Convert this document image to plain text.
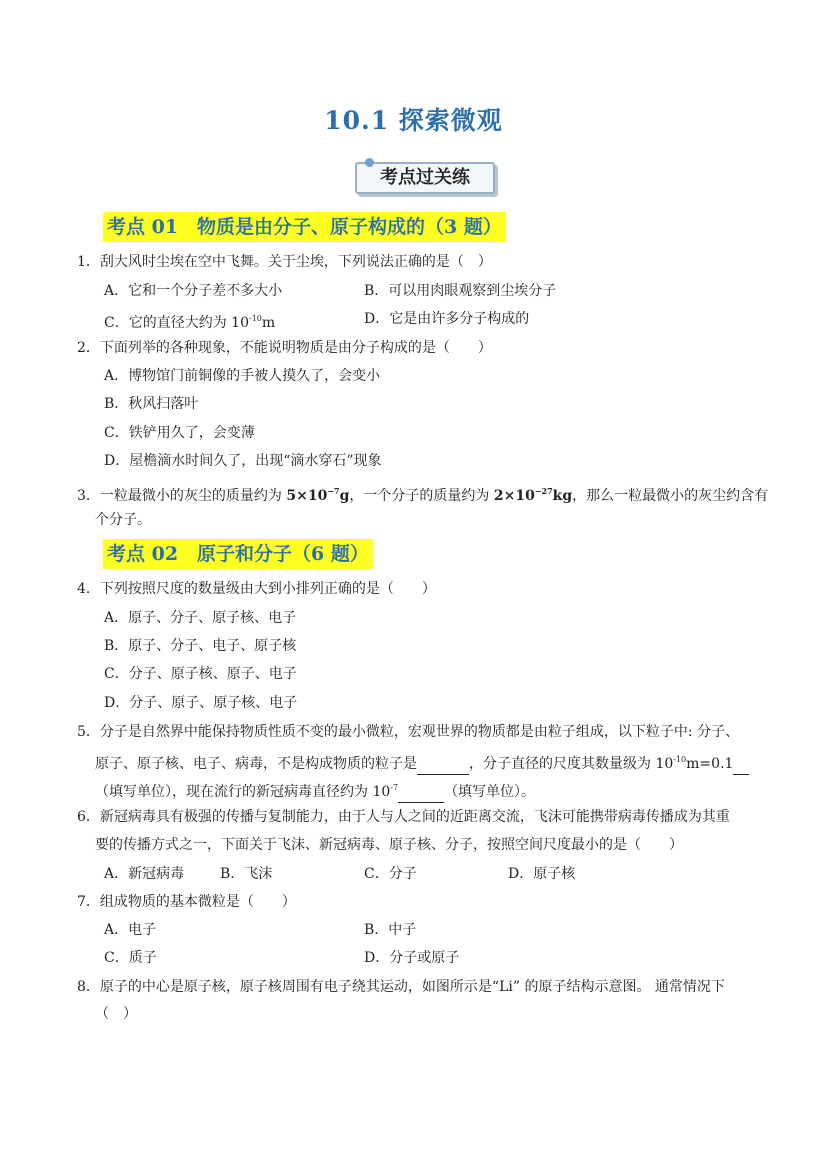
10.1 探索微观
考点过关练
考点 01　物质是由分子、原子构成的（3 题）
1．刮大风时尘埃在空中飞舞。关于尘埃，下列说法正确的是（　）
A．它和一个分子差不多大小	B．可以用肉眼观察到尘埃分子
C．它的直径大约为 $10^{-10}m$	D．它是由许多分子构成的
2．下面列举的各种现象，不能说明物质是由分子构成的是（　　）
A．博物馆门前铜像的手被人摸久了，会变小
B．秋风扫落叶
C．铁铲用久了，会变薄
D．屋檐滴水时间久了，出现“滴水穿石”现象
3．一粒最微小的灰尘的质量约为 $5\times 10^{-7}g$，一个分子的质量约为 $2\times 10^{-27}kg$，那么一粒最微小的灰尘约含有
个分子。
考点 02　原子和分子（6 题）
4．下列按照尺度的数量级由大到小排列正确的是（　　）
A．原子、分子、原子核、电子
B．原子、分子、电子、原子核
C．分子、原子核、原子、电子
D．分子、原子、原子核、电子
5．分子是自然界中能保持物质性质不变的最小微粒，宏观世界的物质都是由粒子组成，以下粒子中: 分子、
原子、原子核、电子、病毒，不是构成物质的粒子是	，分子直径的尺度其数量级为 $10^{-10}m=0.1$
（填写单位），现在流行的新冠病毒直径约为 $10^{-7}$	（填写单位）。
6．新冠病毒具有极强的传播与复制能力，由于人与人之间的近距离交流，飞沫可能携带病毒传播成为其重
要的传播方式之一，下面关于飞沫、新冠病毒、原子核、分子，按照空间尺度最小的是（　　）
A．新冠病毒	B．飞沫	C．分子	D．原子核
7．组成物质的基本微粒是（　　）
A．电子	B．中子
C．质子	D．分子或原子
8．原子的中心是原子核，原子核周围有电子绕其运动，如图所示是“Li” 的原子结构示意图。 通常情况下
（　）
